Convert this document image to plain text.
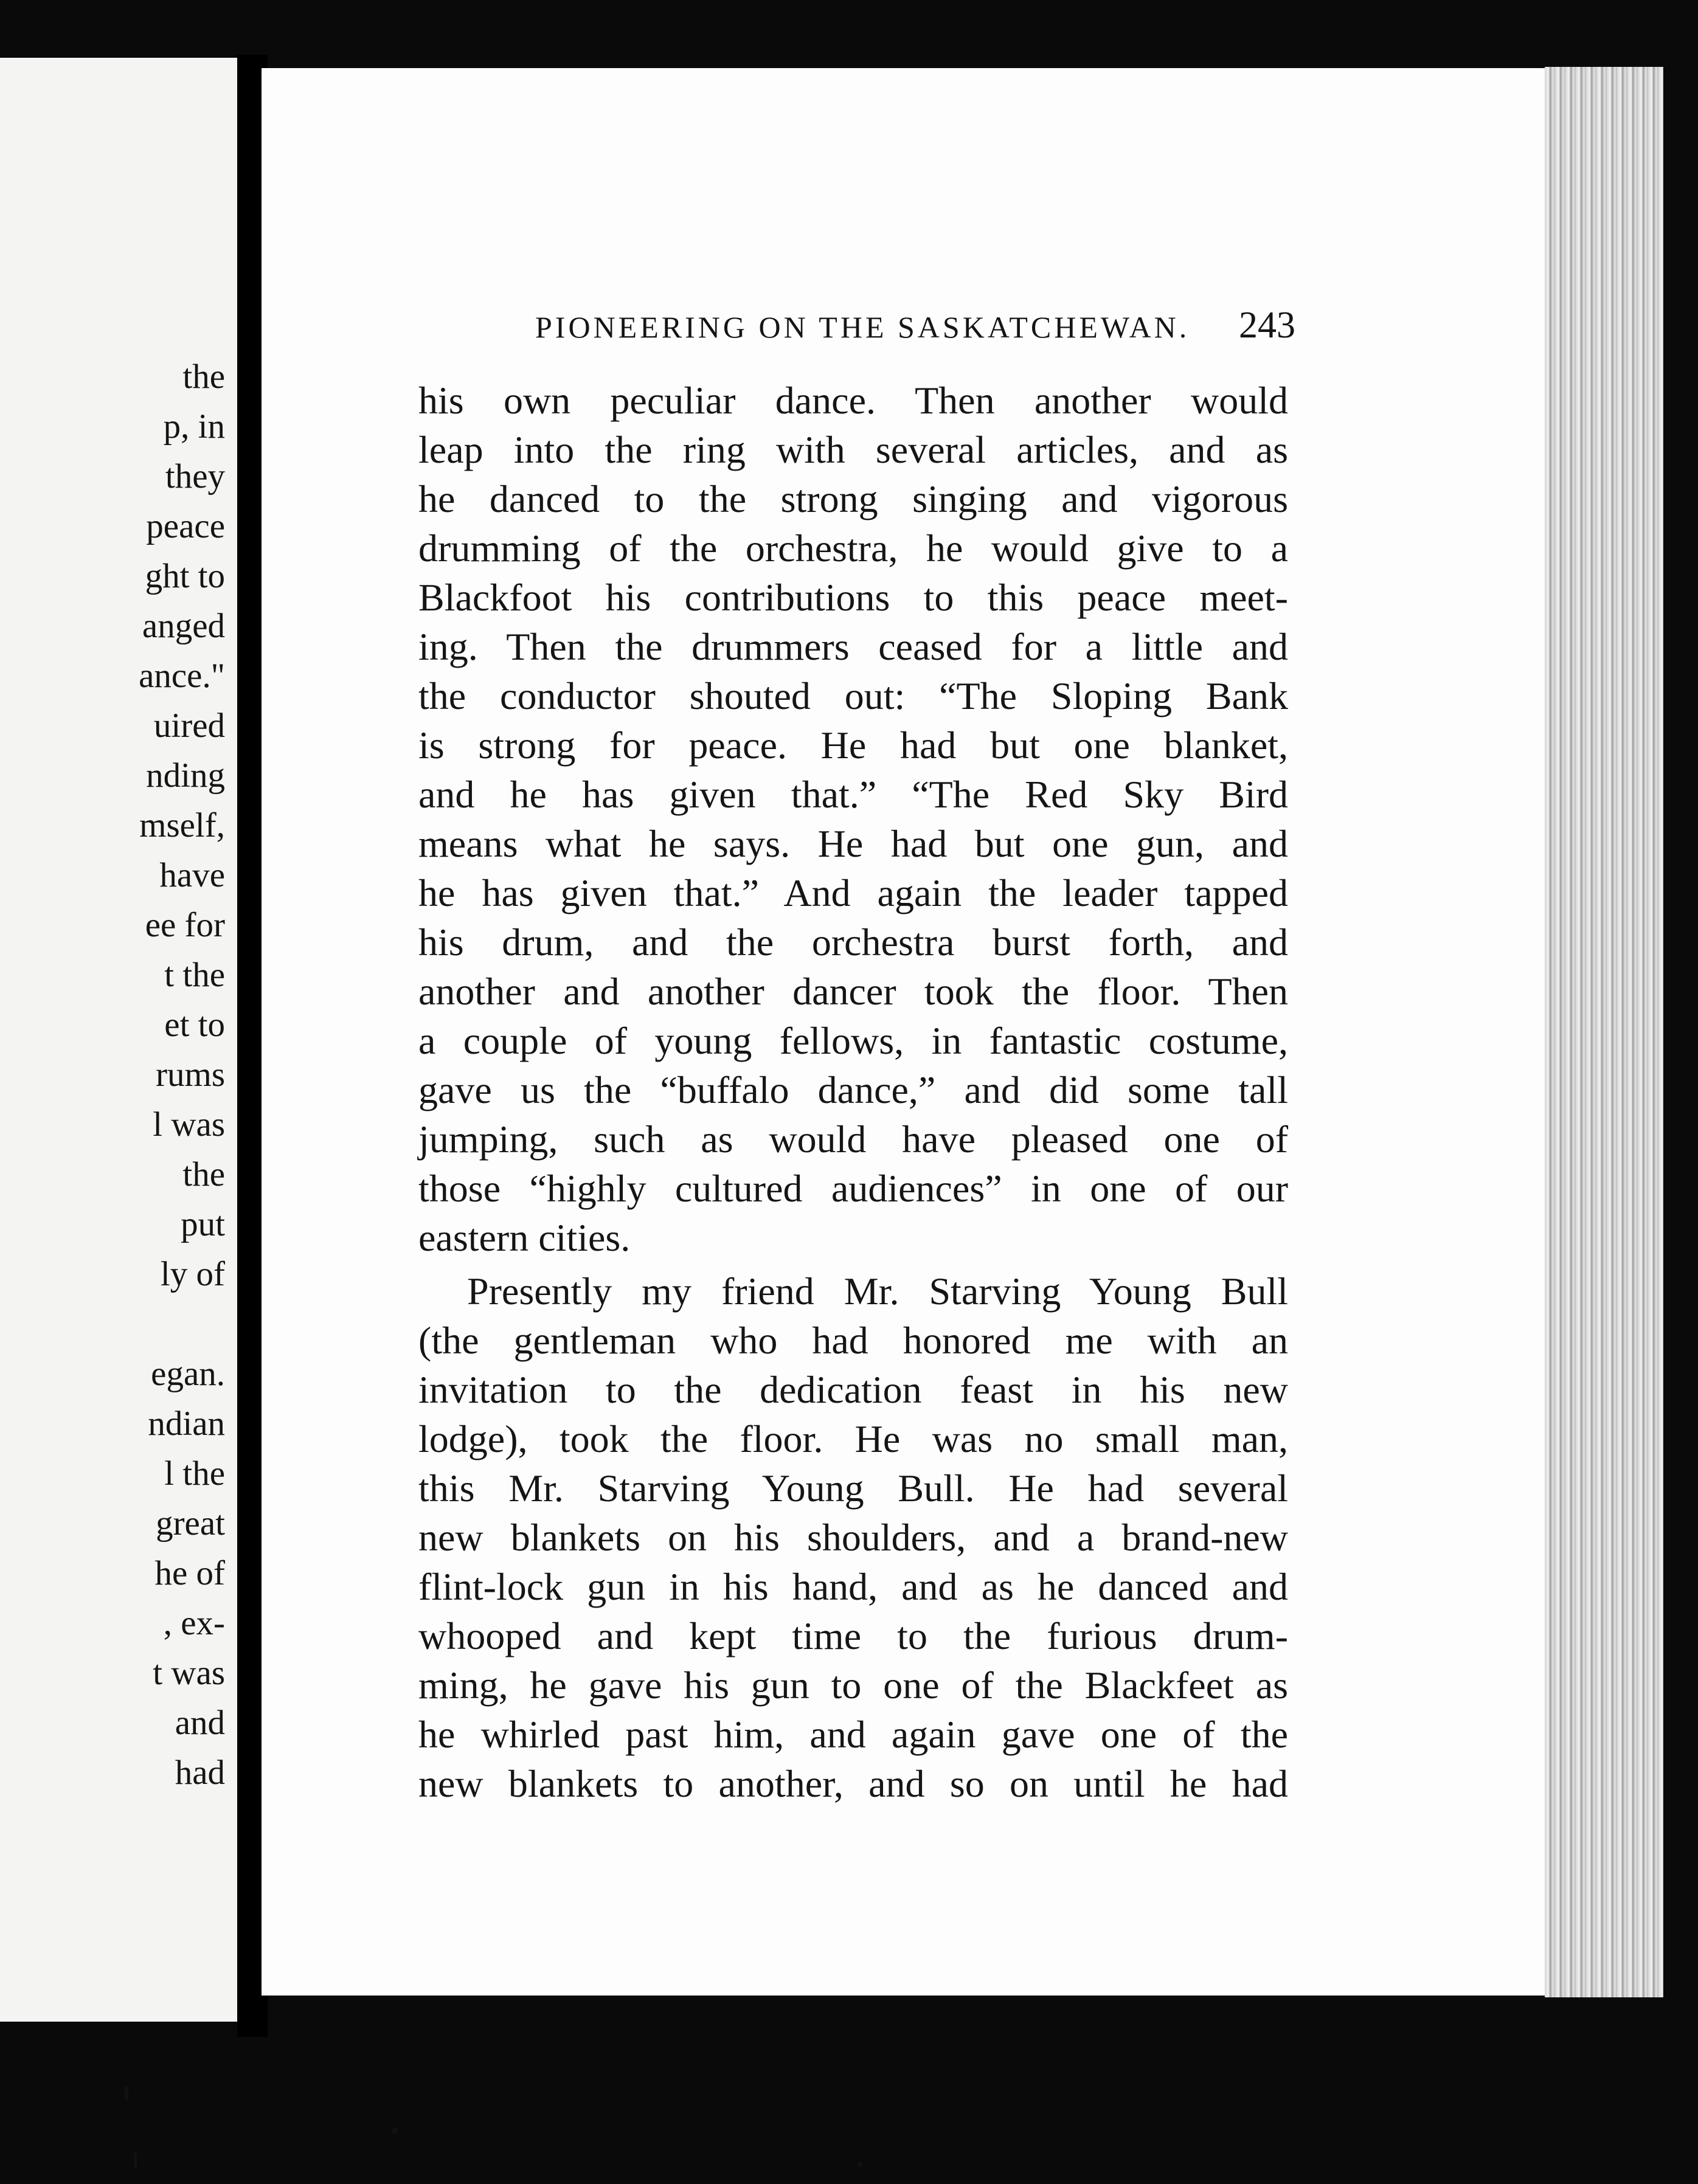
the
p, in
they
peace
ght to
anged
ance."
uired
nding
mself,
have
ee for
t the
et to
rums
l was
the
put
ly of
egan.
ndian
l the
great
he of
, ex-
t was
and
had
PIONEERING ON THE SASKATCHEWAN. 243
his own peculiar dance. Then another would
leap into the ring with several articles, and as
he danced to the strong singing and vigorous
drumming of the orchestra, he would give to a
Blackfoot his contributions to this peace meet-
ing. Then the drummers ceased for a little and
the conductor shouted out: “The Sloping Bank
is strong for peace. He had but one blanket,
and he has given that.” “The Red Sky Bird
means what he says. He had but one gun, and
he has given that.” And again the leader tapped
his drum, and the orchestra burst forth, and
another and another dancer took the floor. Then
a couple of young fellows, in fantastic costume,
gave us the “buffalo dance,” and did some tall
jumping, such as would have pleased one of
those “highly cultured audiences” in one of our
eastern cities.
Presently my friend Mr. Starving Young Bull
(the gentleman who had honored me with an
invitation to the dedication feast in his new
lodge), took the floor. He was no small man,
this Mr. Starving Young Bull. He had several
new blankets on his shoulders, and a brand-new
flint-lock gun in his hand, and as he danced and
whooped and kept time to the furious drum-
ming, he gave his gun to one of the Blackfeet as
he whirled past him, and again gave one of the
new blankets to another, and so on until he had
